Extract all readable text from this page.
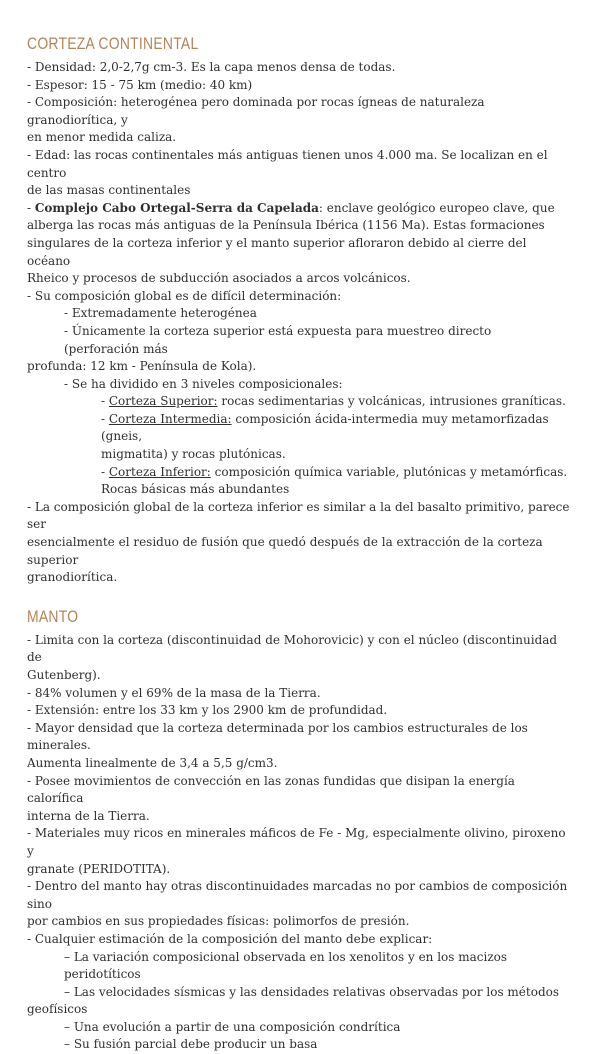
CORTEZA CONTINENTAL

- Densidad: 2,0-2,7g cm-3. Es la capa menos densa de todas.

- Espesor: 15 - 75 km (medio: 40 km)

- Composición: heterogénea pero dominada por rocas ígneas de naturaleza granodiorítica, y

en menor medida caliza.

- Edad: las rocas continentales más antiguas tienen unos 4.000 ma. Se localizan en el centro

de las masas continentales

- Complejo Cabo Ortegal-Serra da Capelada: enclave geológico europeo clave, que

alberga las rocas más antiguas de la Península Ibérica (1156 Ma). Estas formaciones

singulares de la corteza inferior y el manto superior afloraron debido al cierre del océano

Rheico y procesos de subducción asociados a arcos volcánicos.

- Su composición global es de difícil determinación:

- Extremadamente heterogénea

- Únicamente la corteza superior está expuesta para muestreo directo (perforación más

profunda: 12 km - Península de Kola).

- Se ha dividido en 3 niveles composicionales:

- Corteza Superior: rocas sedimentarias y volcánicas, intrusiones graníticas.

- Corteza Intermedia: composición ácida-intermedia muy metamorfizadas (gneis,

migmatita) y rocas plutónicas.

- Corteza Inferior: composición química variable, plutónicas y metamórficas.

Rocas básicas más abundantes

- La composición global de la corteza inferior es similar a la del basalto primitivo, parece ser

esencialmente el residuo de fusión que quedó después de la extracción de la corteza superior

granodiorítica.

MANTO

- Limita con la corteza (discontinuidad de Mohorovicic) y con el núcleo (discontinuidad de

Gutenberg).

- 84% volumen y el 69% de la masa de la Tierra.

- Extensión: entre los 33 km y los 2900 km de profundidad.

- Mayor densidad que la corteza determinada por los cambios estructurales de los minerales.

Aumenta linealmente de 3,4 a 5,5 g/cm3.

- Posee movimientos de convección en las zonas fundidas que disipan la energía calorífica

interna de la Tierra.

- Materiales muy ricos en minerales máficos de Fe - Mg, especialmente olivino, piroxeno y

granate (PERIDOTITA).

- Dentro del manto hay otras discontinuidades marcadas no por cambios de composición sino

por cambios en sus propiedades físicas: polimorfos de presión.

- Cualquier estimación de la composición del manto debe explicar:

– La variación composicional observada en los xenolitos y en los macizos peridotíticos

– Las velocidades sísmicas y las densidades relativas observadas por los métodos

geofísicos

– Una evolución a partir de una composición condrítica

– Su fusión parcial debe producir un basa
